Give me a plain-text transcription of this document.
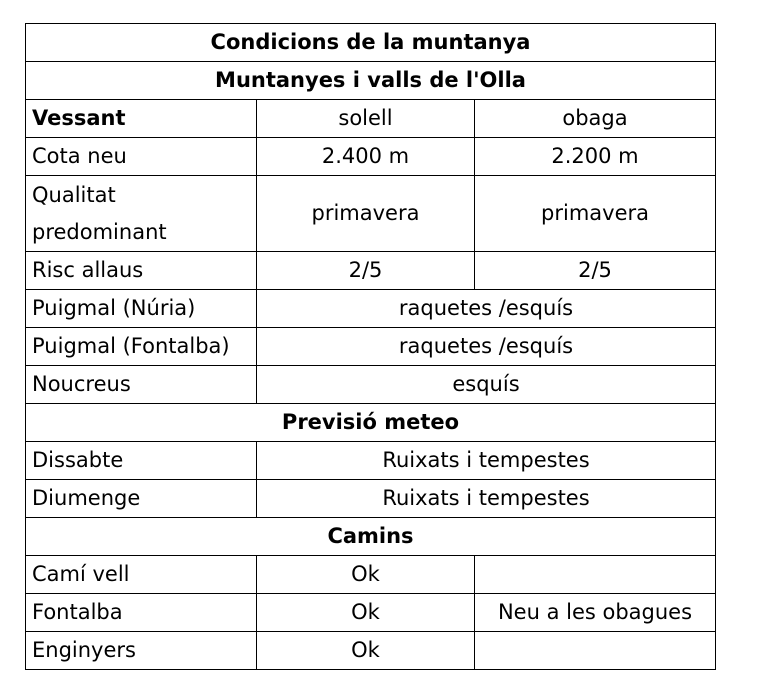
Condicions de la muntanya		
Muntanyes i valls de l'Olla		
Vessant	solell	obaga
Cota neu	2.400 m	2.200 m
Qualitat predominant	primavera	primavera
Risc allaus	2/5	2/5
Puigmal (Núria)	raquetes /esquís	
Puigmal (Fontalba)	raquetes /esquís	
Noucreus	esquís	
Previsió meteo		
Dissabte	Ruixats i tempestes	
Diumenge	Ruixats i tempestes	
Camins		
Camí vell	Ok	
Fontalba	Ok	Neu a les obagues
Enginyers	Ok	
